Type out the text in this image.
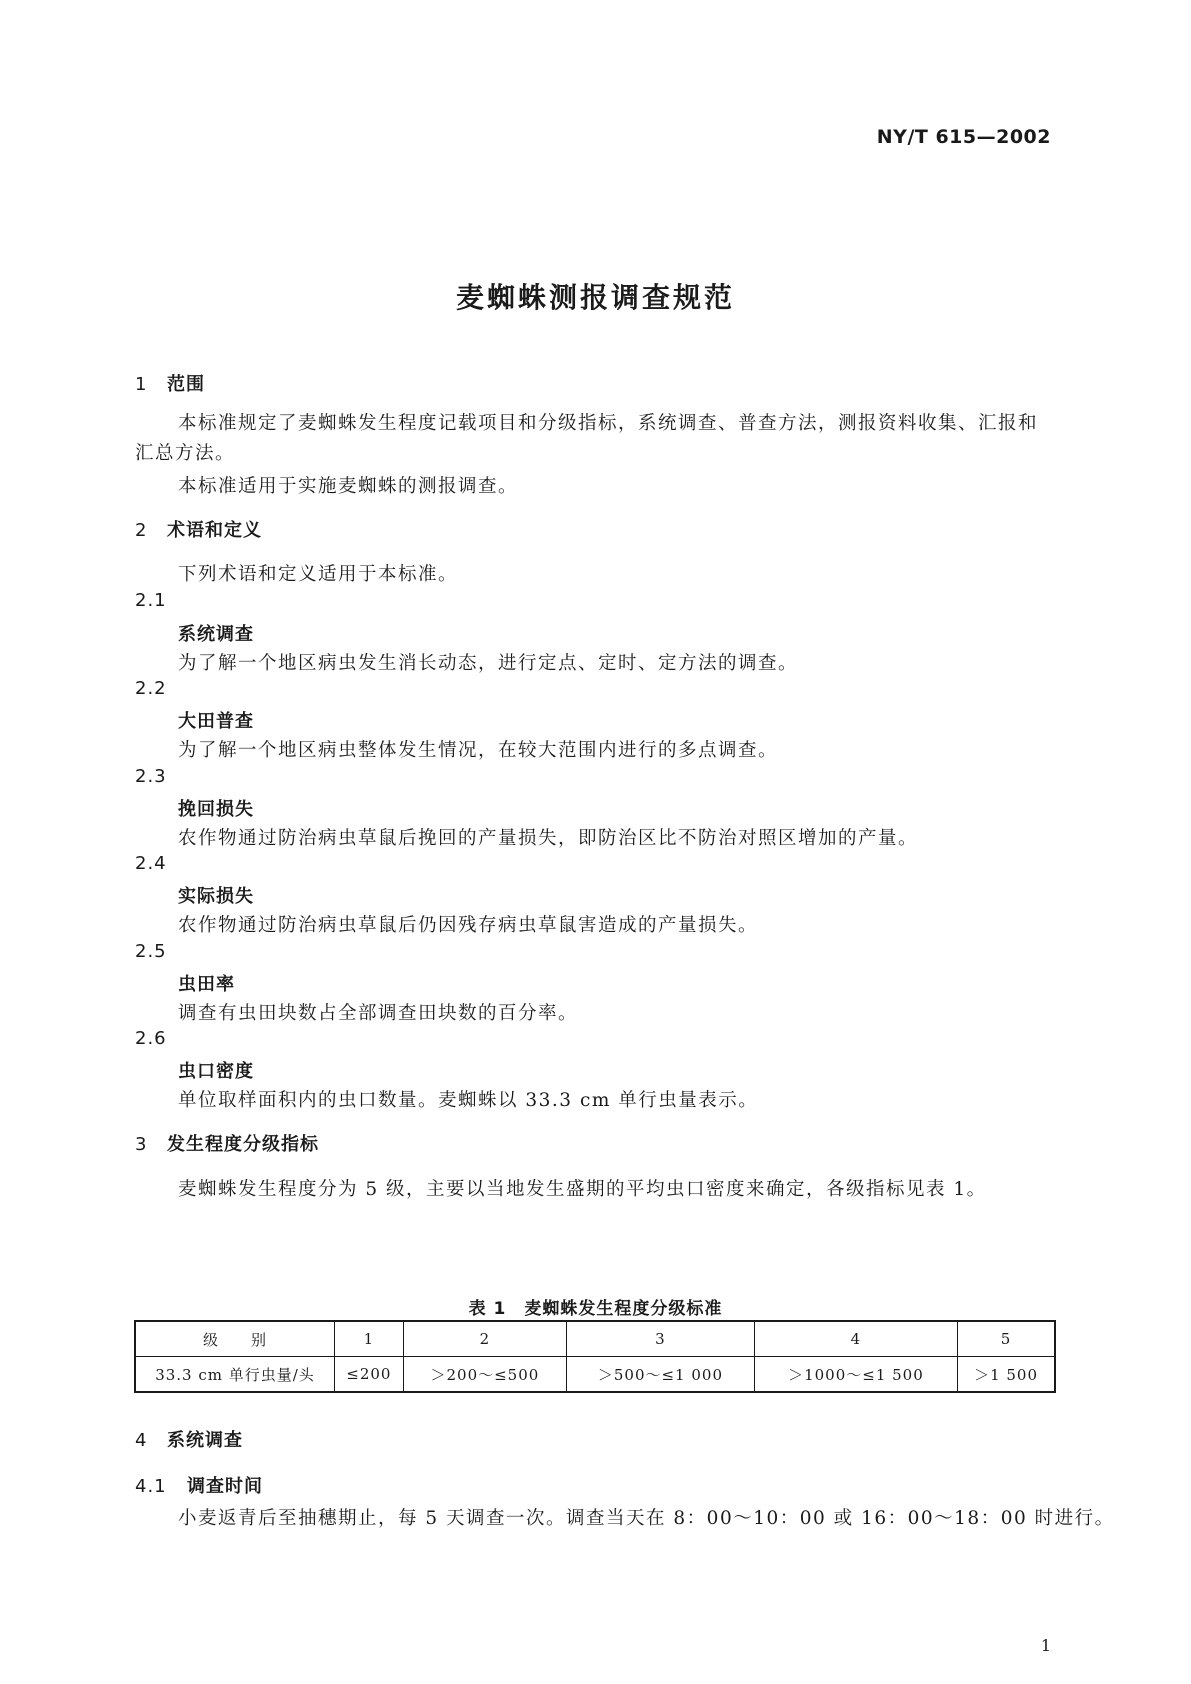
NY/T 615—2002
麦蜘蛛测报调查规范
1 范围
本标准规定了麦蜘蛛发生程度记载项目和分级指标，系统调查、普查方法，测报资料收集、汇报和汇总方法。
本标准适用于实施麦蜘蛛的测报调查。
2 术语和定义
下列术语和定义适用于本标准。
2.1
系统调查
为了解一个地区病虫发生消长动态，进行定点、定时、定方法的调查。
2.2
大田普查
为了解一个地区病虫整体发生情况，在较大范围内进行的多点调查。
2.3
挽回损失
农作物通过防治病虫草鼠后挽回的产量损失，即防治区比不防治对照区增加的产量。
2.4
实际损失
农作物通过防治病虫草鼠后仍因残存病虫草鼠害造成的产量损失。
2.5
虫田率
调查有虫田块数占全部调查田块数的百分率。
2.6
虫口密度
单位取样面积内的虫口数量。麦蜘蛛以 33.3 cm 单行虫量表示。
3 发生程度分级指标
麦蜘蛛发生程度分为 5 级，主要以当地发生盛期的平均虫口密度来确定，各级指标见表 1。
表 1　麦蜘蛛发生程度分级标准
级　　别	1	2	3	4	5
33.3 cm 单行虫量/头	≤200	＞200～≤500	＞500～≤1 000	＞1000～≤1 500	＞1 500
4 系统调查
4.1 调查时间
小麦返青后至抽穗期止，每 5 天调查一次。调查当天在 8：00～10：00 或 16：00～18：00 时进行。
1
